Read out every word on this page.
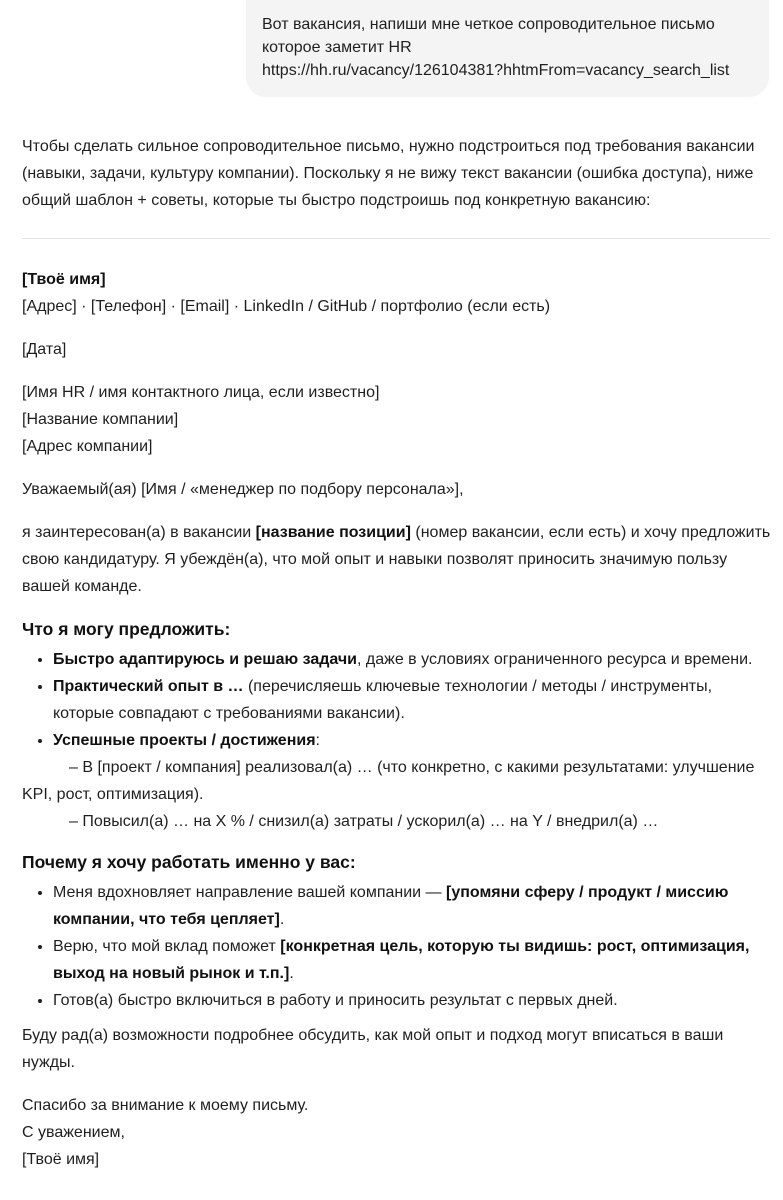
Вот вакансия, напиши мне четкое сопроводительное письмо
которое заметит HR
https://hh.ru/vacancy/126104381?hhtmFrom=vacancy_search_list

Чтобы сделать сильное сопроводительное письмо, нужно подстроиться под требования вакансии (навыки, задачи, культуру компании). Поскольку я не вижу текст вакансии (ошибка доступа), ниже общий шаблон + советы, которые ты быстро подстроишь под конкретную вакансию:

[Твоё имя]
[Адрес] · [Телефон] · [Email] · LinkedIn / GitHub / портфолио (если есть)
[Дата]
[Имя HR / имя контактного лица, если известно]
[Название компании]
[Адрес компании]
Уважаемый(ая) [Имя / «менеджер по подбору персонала»],

я заинтересован(а) в вакансии [название позиции] (номер вакансии, если есть) и хочу предложить свою кандидатуру. Я убеждён(а), что мой опыт и навыки позволят приносить значимую пользу вашей команде.

Что я могу предложить:
• Быстро адаптируюсь и решаю задачи, даже в условиях ограниченного ресурса и времени.
• Практический опыт в … (перечисляешь ключевые технологии / методы / инструменты, которые совпадают с требованиями вакансии).
• Успешные проекты / достижения:
– В [проект / компания] реализовал(а) … (что конкретно, с какими результатами: улучшение
KPI, рост, оптимизация).
– Повысил(а) … на X % / снизил(а) затраты / ускорил(а) … на Y / внедрил(а) …
Почему я хочу работать именно у вас:
• Меня вдохновляет направление вашей компании — [упомяни сферу / продукт / миссию компании, что тебя цепляет].
• Верю, что мой вклад поможет [конкретная цель, которую ты видишь: рост, оптимизация, выход на новый рынок и т.п.].
• Готов(а) быстро включиться в работу и приносить результат с первых дней.

Буду рад(а) возможности подробнее обсудить, как мой опыт и подход могут вписаться в ваши нужды.

Спасибо за внимание к моему письму.
С уважением,
[Твоё имя]
